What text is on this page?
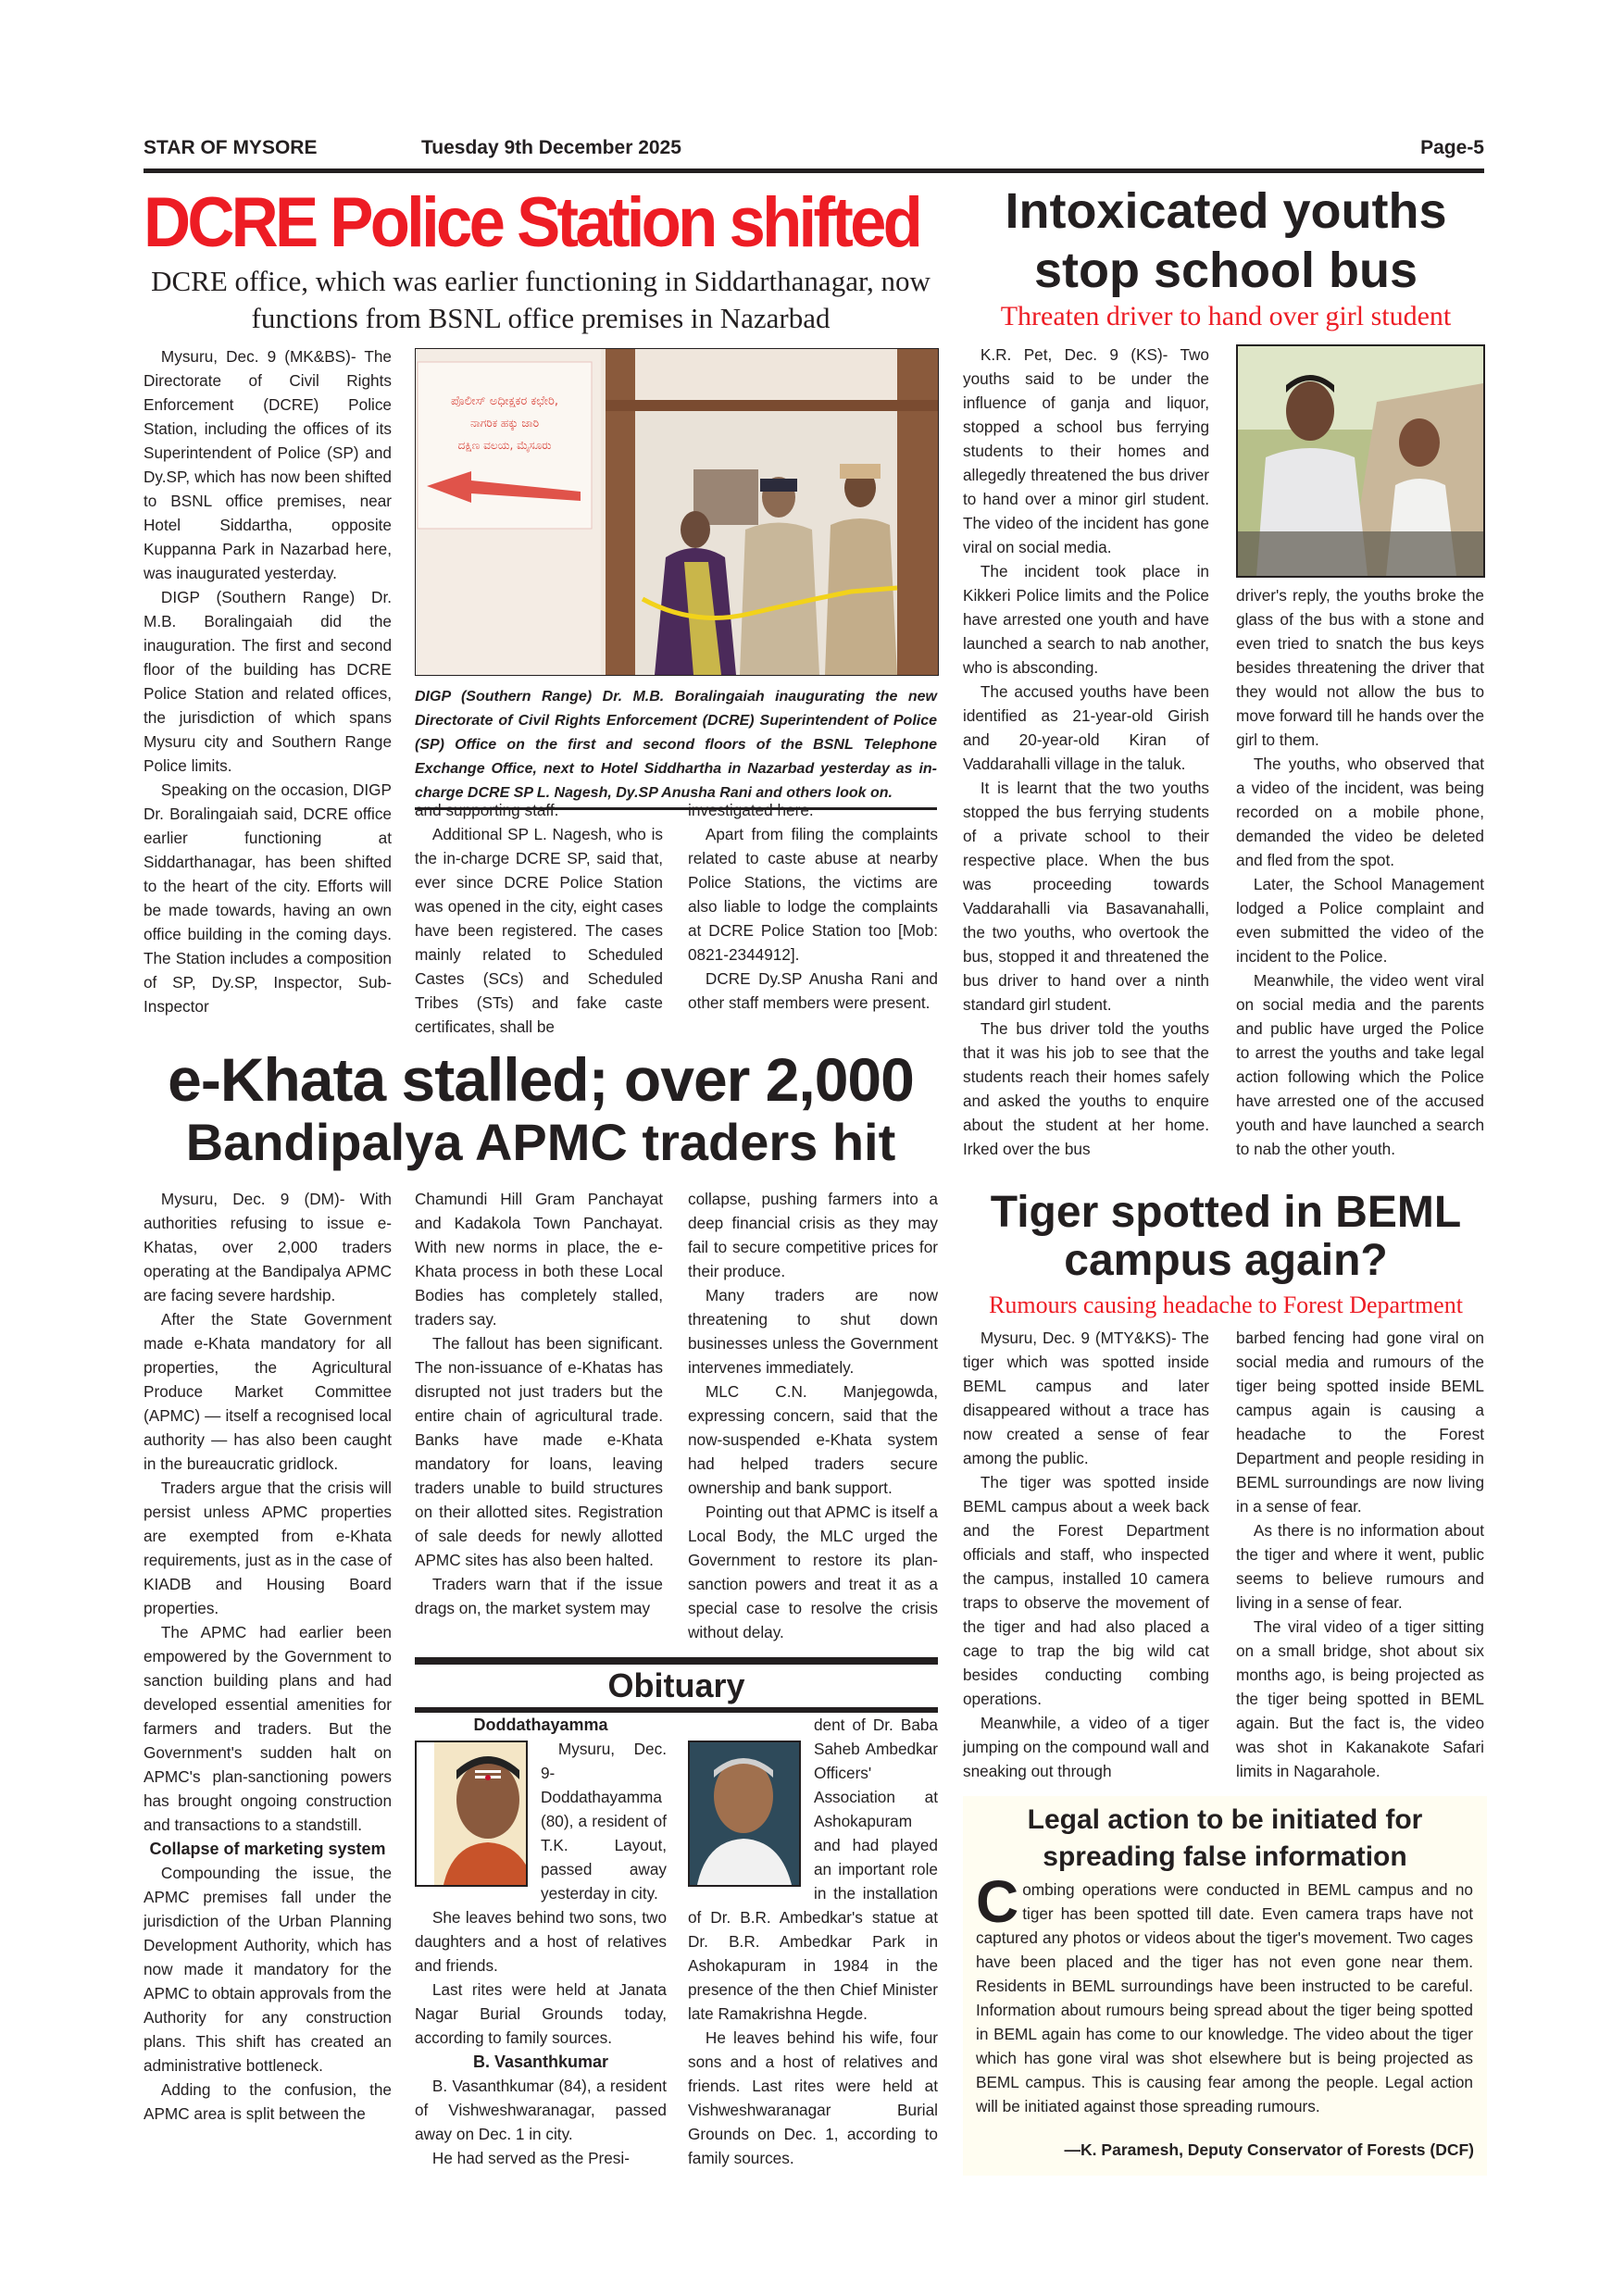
STAR OF MYSORE	Tuesday 9th December 2025	Page-5
DCRE Police Station shifted
DCRE office, which was earlier functioning in Siddarthanagar, now functions from BSNL office premises in Nazarbad

Mysuru, Dec. 9 (MK&BS)- The Directorate of Civil Rights Enforcement (DCRE) Police Station, including the offices of its Superintendent of Police (SP) and Dy.SP, which has now been shifted to BSNL office premises, near Hotel Siddartha, opposite Kuppanna Park in Nazarbad here, was inaugurated yesterday.

DIGP (Southern Range) Dr. M.B. Boralingaiah did the inauguration. The first and second floor of the building has DCRE Police Station and related offices, the jurisdiction of which spans Mysuru city and Southern Range Police limits.

Speaking on the occasion, DIGP Dr. Boralingaiah said, DCRE office earlier functioning at Siddarthanagar, has been shifted to the heart of the city. Efforts will be made towards, having an own office building in the coming days. The Station includes a composition of SP, Dy.SP, Inspector, Sub-Inspector

ಪೊಲೀಸ್ ಅಧೀಕ್ಷಕರ ಕಛೇರಿ,
ನಾಗರಿಕ ಹಕ್ಕು ಜಾರಿ
ದಕ್ಷಿಣ ವಲಯ, ಮೈಸೂರು
DIGP (Southern Range) Dr. M.B. Boralingaiah inaugurating the new Directorate of Civil Rights Enforcement (DCRE) Superintendent of Police (SP) Office on the first and second floors of the BSNL Telephone Exchange Office, next to Hotel Siddhartha in Nazarbad yesterday as in-charge DCRE SP L. Nagesh, Dy.SP Anusha Rani and others look on.

and supporting staff.

Additional SP L. Nagesh, who is the in-charge DCRE SP, said that, ever since DCRE Police Station was opened in the city, eight cases have been registered. The cases mainly related to Scheduled Castes (SCs) and Scheduled Tribes (STs) and fake caste certificates, shall be

investigated here.

Apart from filing the complaints related to caste abuse at nearby Police Stations, the victims are also liable to lodge the complaints at DCRE Police Station too [Mob: 0821-2344912].

DCRE Dy.SP Anusha Rani and other staff members were present.

e-Khata stalled; over 2,000
Bandipalya APMC traders hit

Mysuru, Dec. 9 (DM)- With authorities refusing to issue e-Khatas, over 2,000 traders operating at the Bandipalya APMC are facing severe hardship.

After the State Government made e-Khata mandatory for all properties, the Agricultural Produce Market Committee (APMC) — itself a recognised local authority — has also been caught in the bureaucratic gridlock.

Traders argue that the crisis will persist unless APMC properties are exempted from e-Khata requirements, just as in the case of KIADB and Housing Board properties.

The APMC had earlier been empowered by the Government to sanction building plans and had developed essential amenities for farmers and traders. But the Government's sudden halt on APMC's plan-sanctioning powers has brought ongoing construction and transactions to a standstill.

Collapse of marketing system

Compounding the issue, the APMC premises fall under the jurisdiction of the Urban Planning Development Authority, which has now made it mandatory for the APMC to obtain approvals from the Authority for any construction plans. This shift has created an administrative bottleneck.

Adding to the confusion, the APMC area is split between the

Chamundi Hill Gram Panchayat and Kadakola Town Panchayat. With new norms in place, the e-Khata process in both these Local Bodies has completely stalled, traders say.

The fallout has been significant. The non-issuance of e-Khatas has disrupted not just traders but the entire chain of agricultural trade. Banks have made e-Khata mandatory for loans, leaving traders unable to build structures on their allotted sites. Registration of sale deeds for newly allotted APMC sites has also been halted.

Traders warn that if the issue drags on, the market system may

collapse, pushing farmers into a deep financial crisis as they may fail to secure competitive prices for their produce.

Many traders are now threatening to shut down businesses unless the Government intervenes immediately.

MLC C.N. Manjegowda, expressing concern, said that the now-suspended e-Khata system had helped traders secure ownership and bank support.

Pointing out that APMC is itself a Local Body, the MLC urged the Government to restore its plan-sanction powers and treat it as a special case to resolve the crisis without delay.

Obituary

Doddathayamma

Mysuru, Dec. 9- Doddathayamma (80), a resident of T.K. Layout, passed away yesterday in city.

She leaves behind two sons, two daughters and a host of relatives and friends.

Last rites were held at Janata Nagar Burial Grounds today, according to family sources.

B. Vasanthkumar

B. Vasanthkumar (84), a resident of Vishweshwaranagar, passed away on Dec. 1 in city.

He had served as the Presi-

dent of Dr. Baba Saheb Ambedkar Officers' Association at Ashokapuram and had played an important role in the installation of Dr. B.R. Ambedkar's statue at Dr. B.R. Ambedkar Park in Ashokapuram in 1984 in the presence of the then Chief Minister late Ramakrishna Hegde.

He leaves behind his wife, four sons and a host of relatives and friends. Last rites were held at Vishweshwaranagar Burial Grounds on Dec. 1, according to family sources.

Intoxicated youths stop school bus
Threaten driver to hand over girl student

K.R. Pet, Dec. 9 (KS)- Two youths said to be under the influence of ganja and liquor, stopped a school bus ferrying students to their homes and allegedly threatened the bus driver to hand over a minor girl student. The video of the incident has gone viral on social media.

The incident took place in Kikkeri Police limits and the Police have arrested one youth and have launched a search to nab another, who is absconding.

The accused youths have been identified as 21-year-old Girish and 20-year-old Kiran of Vaddarahalli village in the taluk.

It is learnt that the two youths stopped the bus ferrying students of a private school to their respective place. When the bus was proceeding towards Vaddarahalli via Basavanahalli, the two youths, who overtook the bus, stopped it and threatened the bus driver to hand over a ninth standard girl student.

The bus driver told the youths that it was his job to see that the students reach their homes safely and asked the youths to enquire about the student at her home. Irked over the bus

driver's reply, the youths broke the glass of the bus with a stone and even tried to snatch the bus keys besides threatening the driver that they would not allow the bus to move forward till he hands over the girl to them.

The youths, who observed that a video of the incident, was being recorded on a mobile phone, demanded the video be deleted and fled from the spot.

Later, the School Management lodged a Police complaint and even submitted the video of the incident to the Police.

Meanwhile, the video went viral on social media and the parents and public have urged the Police to arrest the youths and take legal action following which the Police have arrested one of the accused youth and have launched a search to nab the other youth.

Tiger spotted in BEML
campus again?
Rumours causing headache to Forest Department

Mysuru, Dec. 9 (MTY&KS)- The tiger which was spotted inside BEML campus and later disappeared without a trace has now created a sense of fear among the public.

The tiger was spotted inside BEML campus about a week back and the Forest Department officials and staff, who inspected the campus, installed 10 camera traps to observe the movement of the tiger and had also placed a cage to trap the big wild cat besides conducting combing operations.

Meanwhile, a video of a tiger jumping on the compound wall and sneaking out through

barbed fencing had gone viral on social media and rumours of the tiger being spotted inside BEML campus again is causing a headache to the Forest Department and people residing in BEML surroundings are now living in a sense of fear.

As there is no information about the tiger and where it went, public seems to believe rumours and living in a sense of fear.

The viral video of a tiger sitting on a small bridge, shot about six months ago, is being projected as the tiger being spotted in BEML again. But the fact is, the video was shot in Kakanakote Safari limits in Nagarahole.

Legal action to be initiated for spreading false information
Combing operations were conducted in BEML campus and no tiger has been spotted till date. Even camera traps have not captured any photos or videos about the tiger's movement. Two cages have been placed and the tiger has not even gone near them. Residents in BEML surroundings have been instructed to be careful. Information about rumours being spread about the tiger being spotted in BEML again has come to our knowledge. The video about the tiger which has gone viral was shot elsewhere but is being projected as BEML campus. This is causing fear among the people. Legal action will be initiated against those spreading rumours.
—K. Paramesh, Deputy Conservator of Forests (DCF)
